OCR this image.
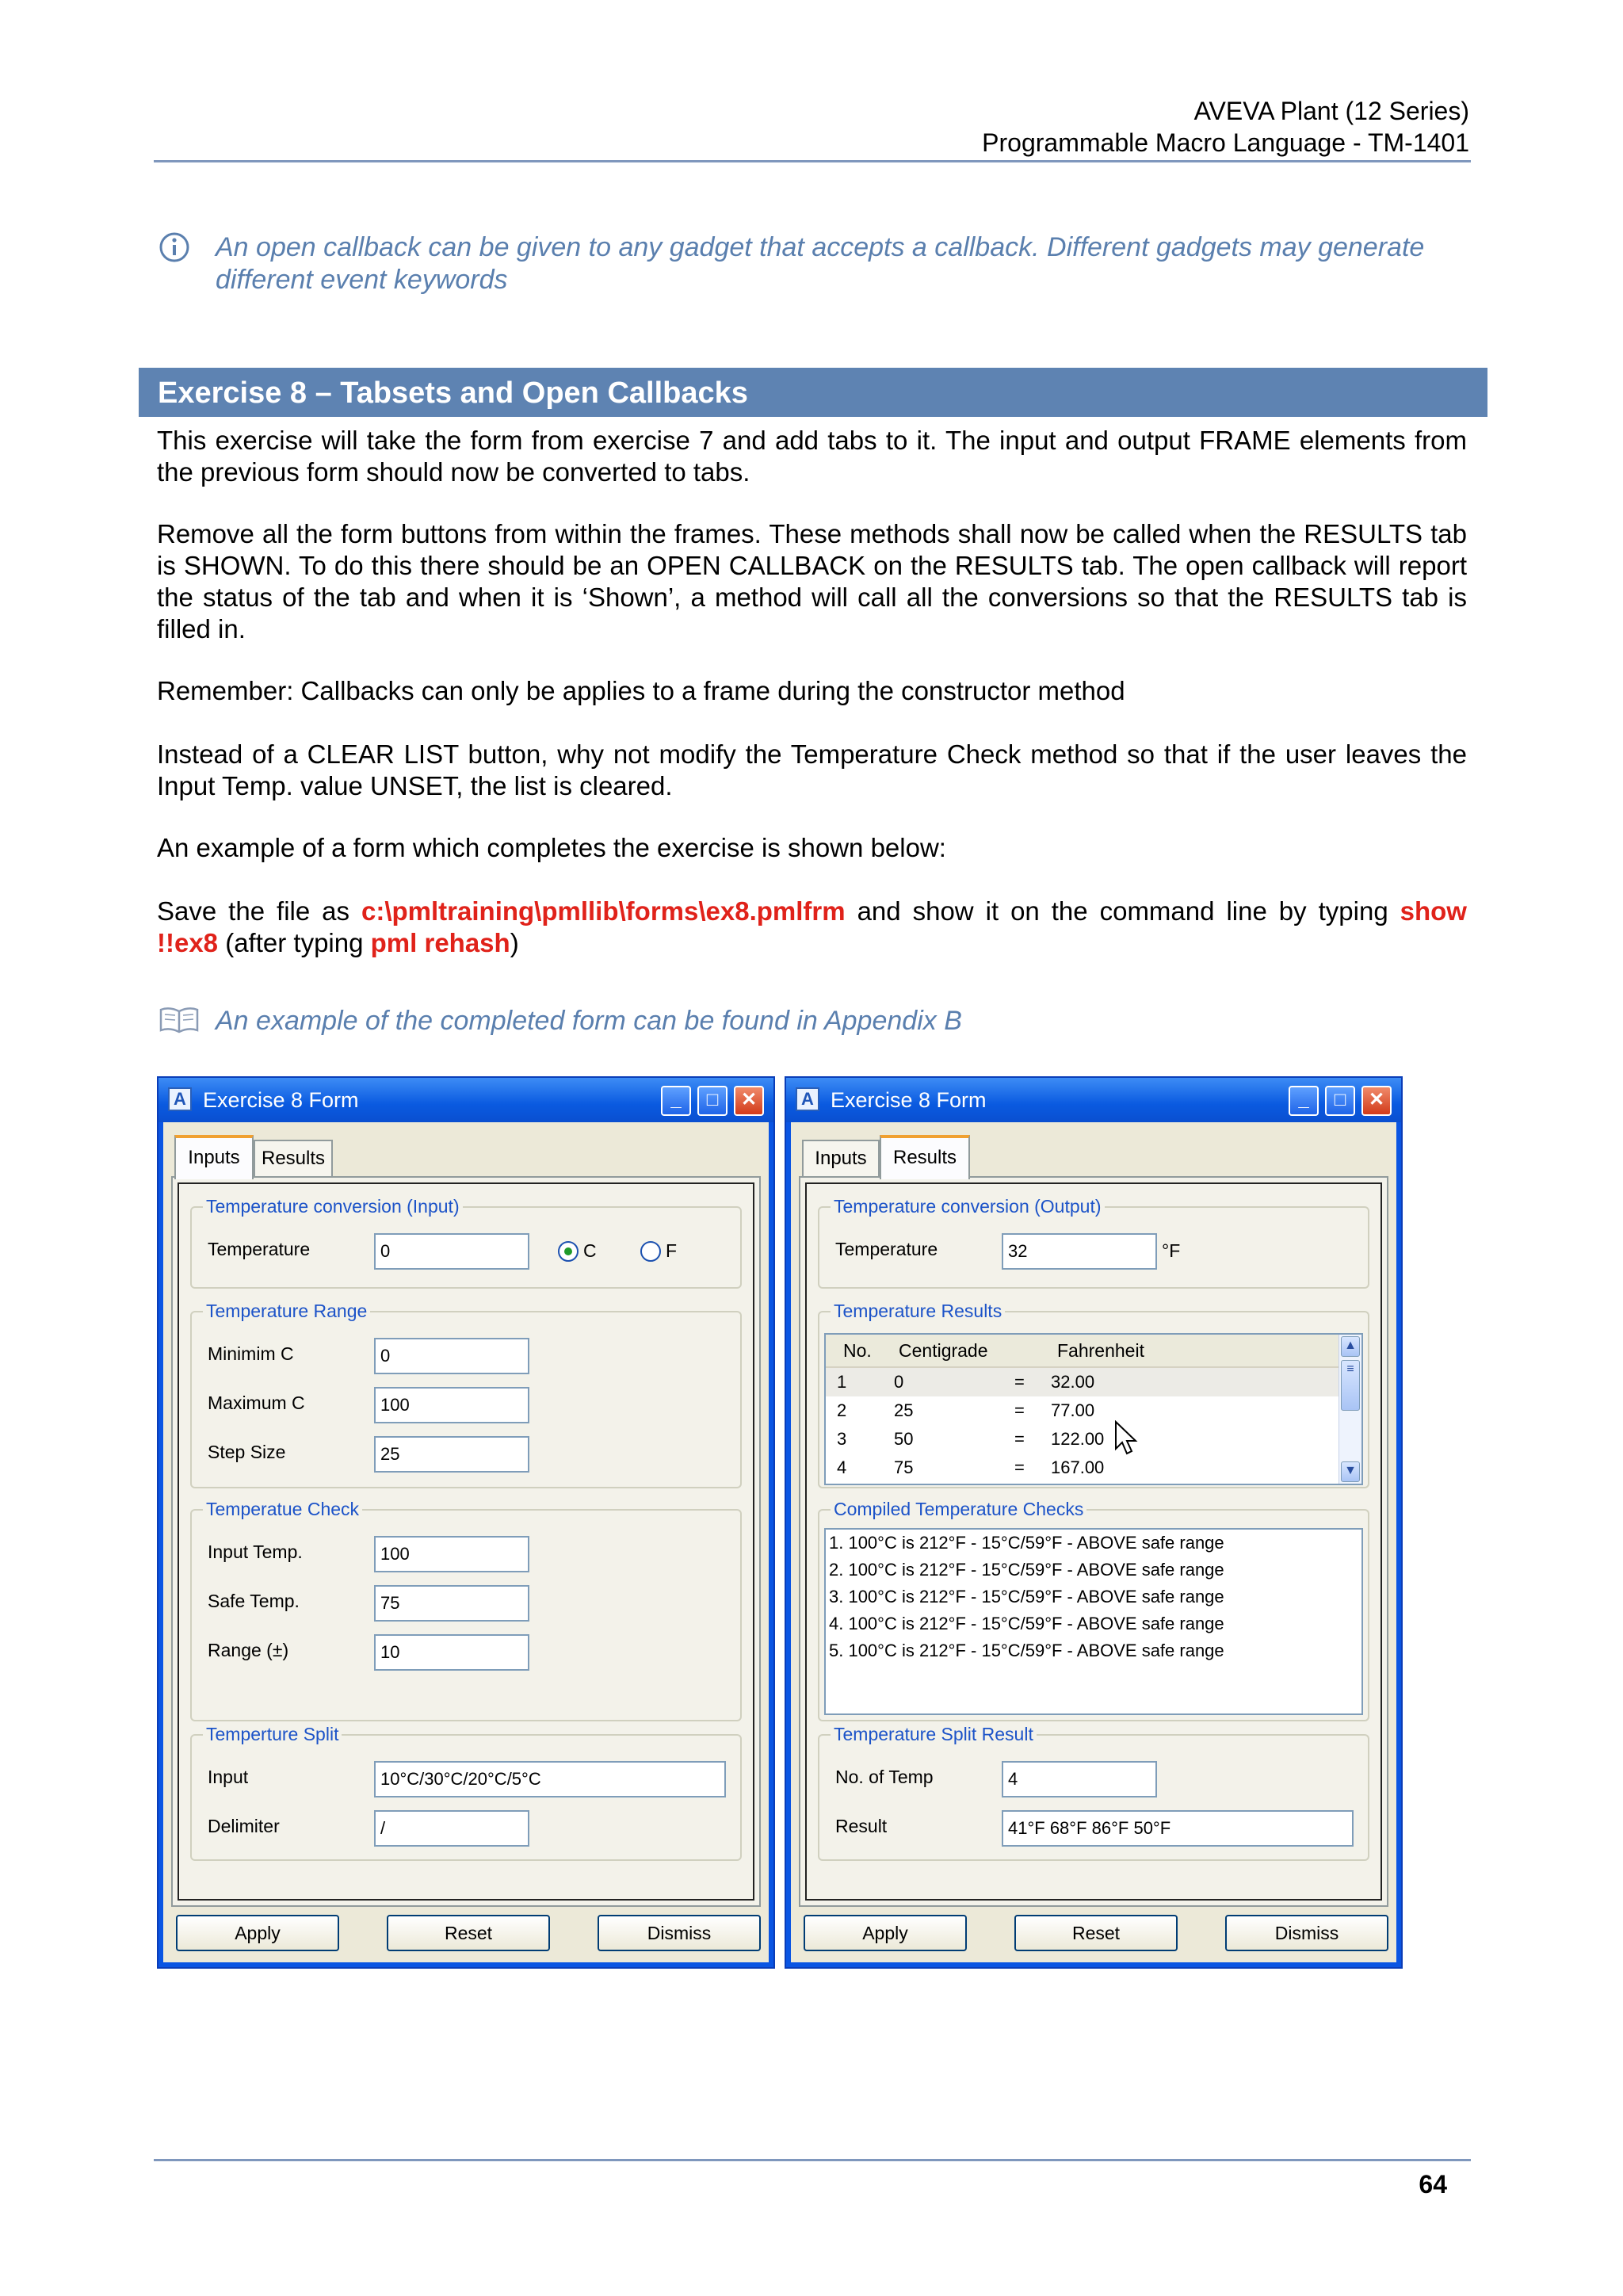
AVEVA Plant (12 Series)
Programmable Macro Language - TM-1401
An open callback can be given to any gadget that accepts a callback. Different gadgets may generate different event keywords
Exercise 8 – Tabsets and Open Callbacks
This exercise will take the form from exercise 7 and add tabs to it. The input and output FRAME elements from the previous form should now be converted to tabs.
Remove all the form buttons from within the frames. These methods shall now be called when the RESULTS tab is SHOWN. To do this there should be an OPEN CALLBACK on the RESULTS tab. The open callback will report the status of the tab and when it is ‘Shown’, a method will call all the conversions so that the RESULTS tab is filled in.
Remember: Callbacks can only be applies to a frame during the constructor method
Instead of a CLEAR LIST button, why not modify the Temperature Check method so that if the user leaves the Input Temp. value UNSET, the list is cleared.
An example of a form which completes the exercise is shown below:
Save the file as c:\pmltraining\pmllib\forms\ex8.pmlfrm and show it on the command line by typing show !!ex8 (after typing pml rehash)
An example of the completed form can be found in Appendix B
A Exercise 8 Form	_	□	✕
Inputs	Results
Temperature conversion (Input)
Temperature	0	C	F
Temperature Range
Minimim C	0
Maximum C	100
Step Size	25
Temperatue Check
Input Temp.	100
Safe Temp.	75
Range (±)	10
Temperture Split
Input	10°C/30°C/20°C/5°C
Delimiter	/
Apply	Reset	Dismiss
A Exercise 8 Form	_	□	✕
Inputs	Results
Temperature conversion (Output)
Temperature	32	°F
Temperature Results
No. Centigrade	Fahrenheit
1	0	= 32.00
2	25	= 77.00
3	50	= 122.00
4	75	= 167.00
▲
≡
▼
Compiled Temperature Checks
1. 100°C is 212°F - 15°C/59°F - ABOVE safe range
2. 100°C is 212°F - 15°C/59°F - ABOVE safe range
3. 100°C is 212°F - 15°C/59°F - ABOVE safe range
4. 100°C is 212°F - 15°C/59°F - ABOVE safe range
5. 100°C is 212°F - 15°C/59°F - ABOVE safe range
Temperature Split Result
No. of Temp	4
Result	41°F 68°F 86°F 50°F
Apply	Reset	Dismiss
64
